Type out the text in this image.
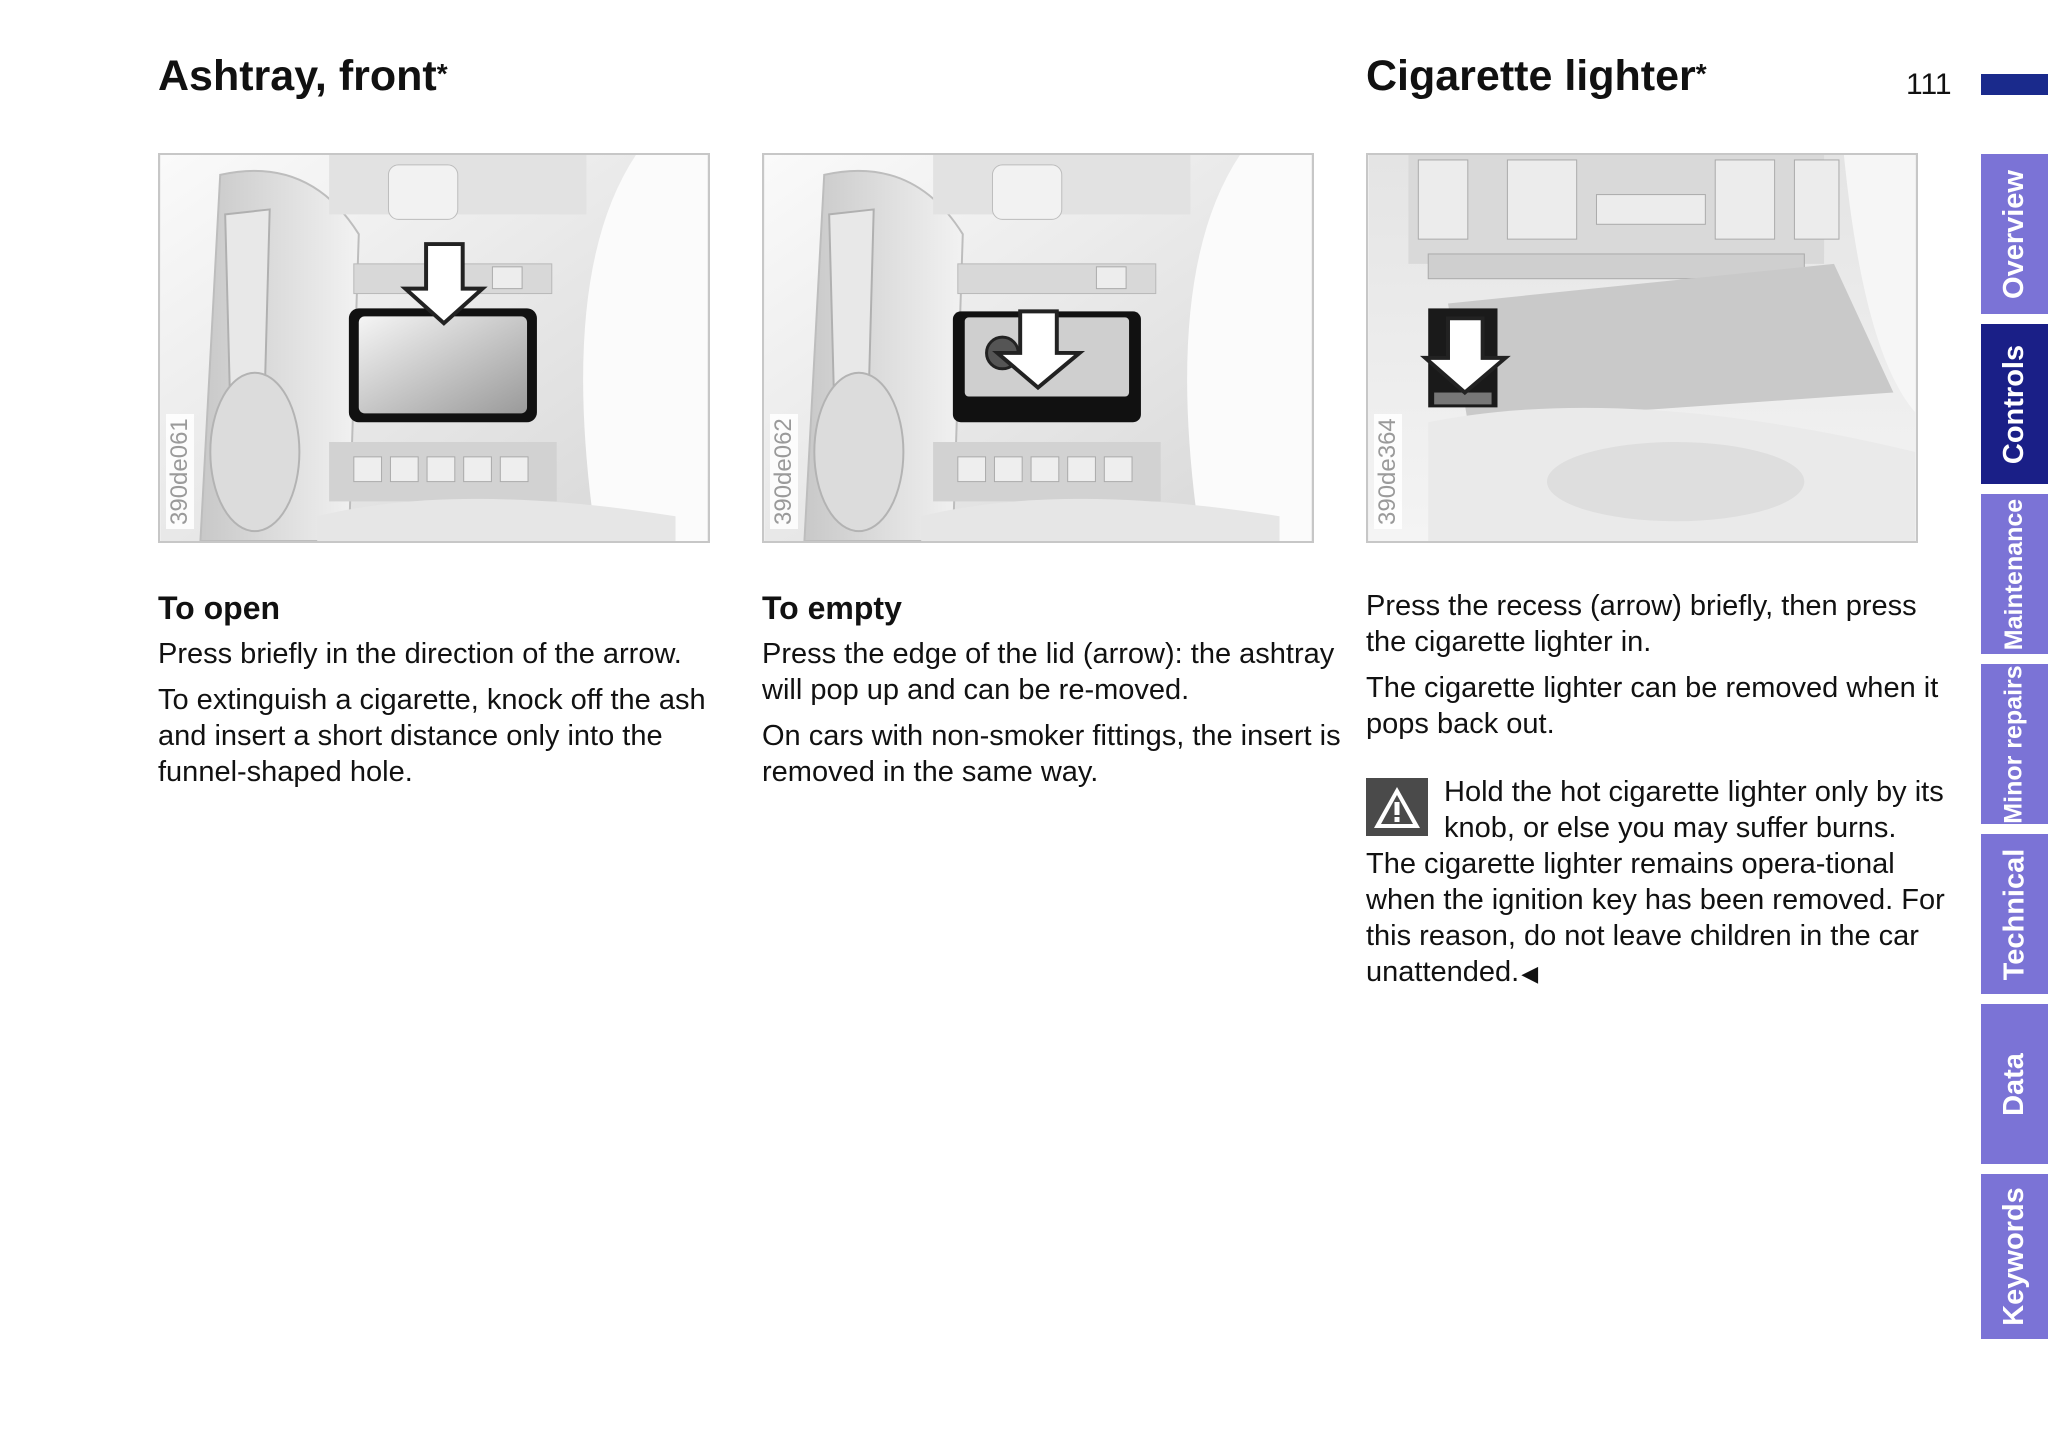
Ashtray, front*	Cigarette lighter*	111
390de061	390de062	390de364
To open

Press briefly in the direction of the arrow.

To extinguish a cigarette, knock off the ash and insert a short distance only into the funnel-shaped hole.

To empty

Press the edge of the lid (arrow): the ashtray will pop up and can be re-moved.

On cars with non-smoker fittings, the insert is removed in the same way.

Press the recess (arrow) briefly, then press the cigarette lighter in.

The cigarette lighter can be removed when it pops back out.

Hold the hot cigarette lighter only by its knob, or else you may suffer burns.
The cigarette lighter remains opera-tional when the ignition key has been removed. For this reason, do not leave children in the car unattended.◀
Overview
Controls
Maintenance
Minor repairs
Technical
Data
Keywords
